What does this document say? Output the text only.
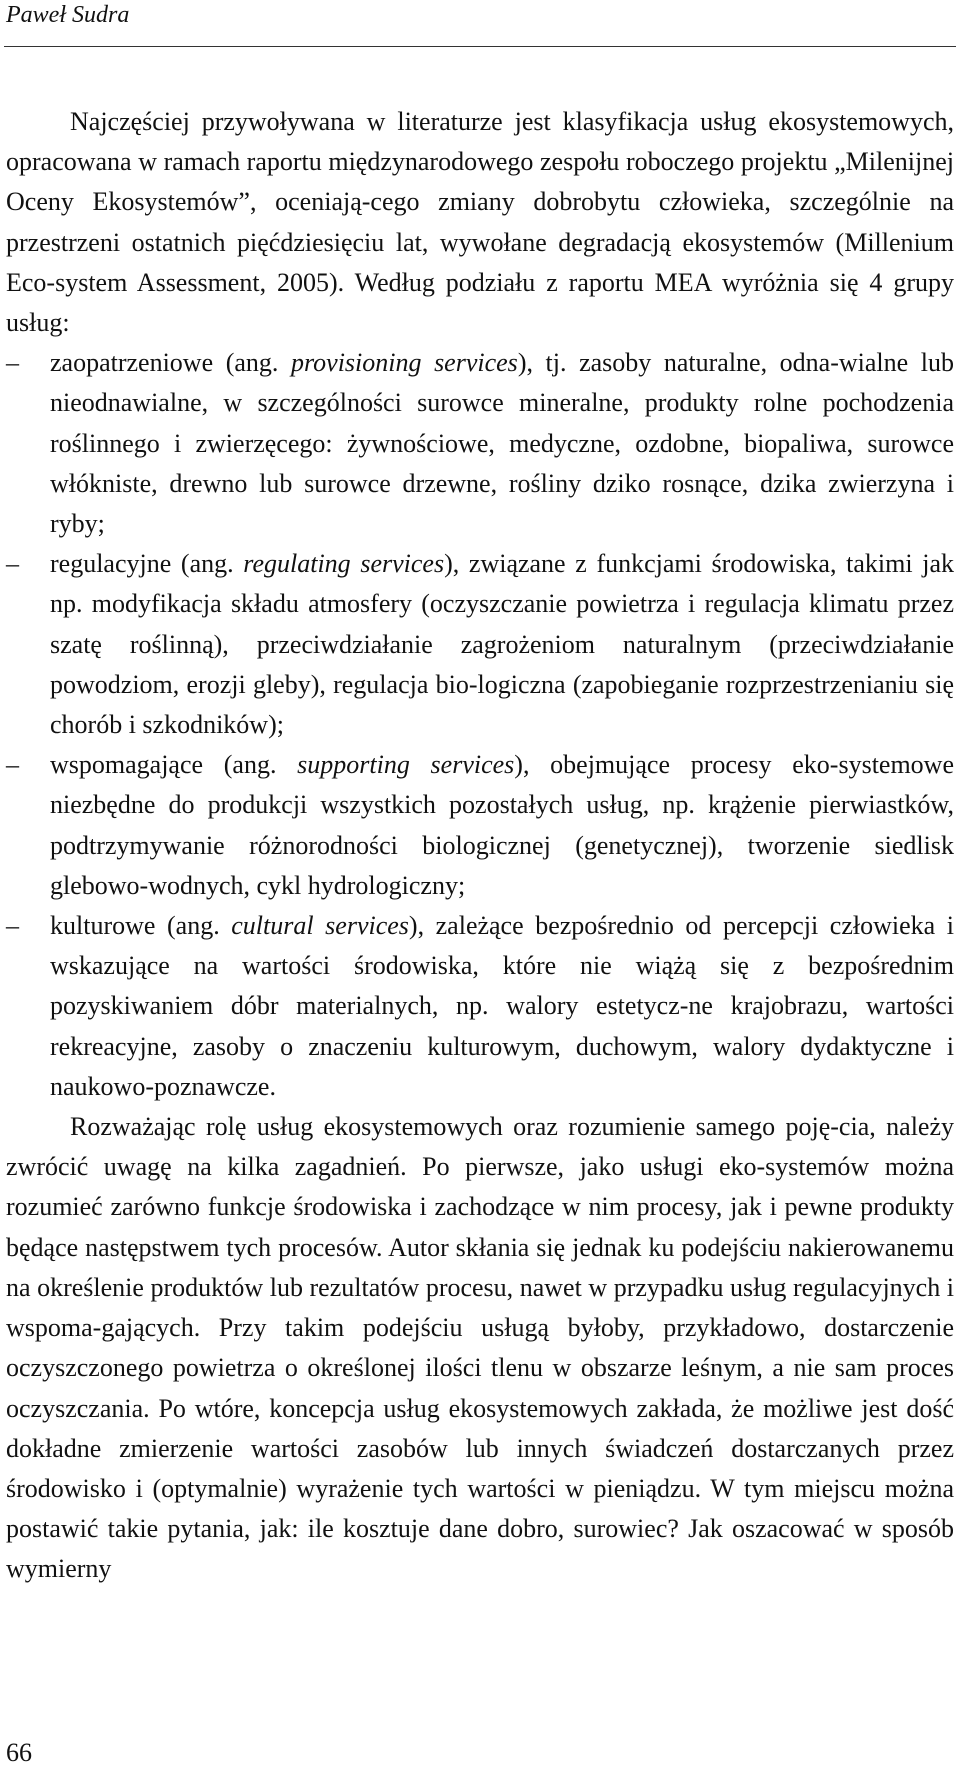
Paweł Sudra

Najczęściej przywoływana w literaturze jest klasyfikacja usług ekosystemowych, opracowana w ramach raportu międzynarodowego zespołu roboczego projektu „Milenijnej Oceny Ekosystemów”, oceniają-cego zmiany dobrobytu człowieka, szczególnie na przestrzeni ostatnich pięćdziesięciu lat, wywołane degradacją ekosystemów (Millenium Eco-system Assessment, 2005). Według podziału z raportu MEA wyróżnia się 4 grupy usług:

– zaopatrzeniowe (ang. provisioning services), tj. zasoby naturalne, odna-wialne lub nieodnawialne, w szczególności surowce mineralne, produkty rolne pochodzenia roślinnego i zwierzęcego: żywnościowe, medyczne, ozdobne, biopaliwa, surowce włókniste, drewno lub surowce drzewne, rośliny dziko rosnące, dzika zwierzyna i ryby;
– regulacyjne (ang. regulating services), związane z funkcjami środowiska, takimi jak np. modyfikacja składu atmosfery (oczyszczanie powietrza i regulacja klimatu przez szatę roślinną), przeciwdziałanie zagrożeniom naturalnym (przeciwdziałanie powodziom, erozji gleby), regulacja bio-logiczna (zapobieganie rozprzestrzenianiu się chorób i szkodników);
– wspomagające (ang. supporting services), obejmujące procesy eko-systemowe niezbędne do produkcji wszystkich pozostałych usług, np. krążenie pierwiastków, podtrzymywanie różnorodności biologicznej (genetycznej), tworzenie siedlisk glebowo-wodnych, cykl hydrologiczny;
– kulturowe (ang. cultural services), zależące bezpośrednio od percepcji człowieka i wskazujące na wartości środowiska, które nie wiążą się z bezpośrednim pozyskiwaniem dóbr materialnych, np. walory estetycz-ne krajobrazu, wartości rekreacyjne, zasoby o znaczeniu kulturowym, duchowym, walory dydaktyczne i naukowo-poznawcze.

Rozważając rolę usług ekosystemowych oraz rozumienie samego poję-cia, należy zwrócić uwagę na kilka zagadnień. Po pierwsze, jako usługi eko-systemów można rozumieć zarówno funkcje środowiska i zachodzące w nim procesy, jak i pewne produkty będące następstwem tych procesów. Autor skłania się jednak ku podejściu nakierowanemu na określenie produktów lub rezultatów procesu, nawet w przypadku usług regulacyjnych i wspoma-gających. Przy takim podejściu usługą byłoby, przykładowo, dostarczenie oczyszczonego powietrza o określonej ilości tlenu w obszarze leśnym, a nie sam proces oczyszczania. Po wtóre, koncepcja usług ekosystemowych zakłada, że możliwe jest dość dokładne zmierzenie wartości zasobów lub innych świadczeń dostarczanych przez środowisko i (optymalnie) wyrażenie tych wartości w pieniądzu. W tym miejscu można postawić takie pytania, jak: ile kosztuje dane dobro, surowiec? Jak oszacować w sposób wymierny

66
